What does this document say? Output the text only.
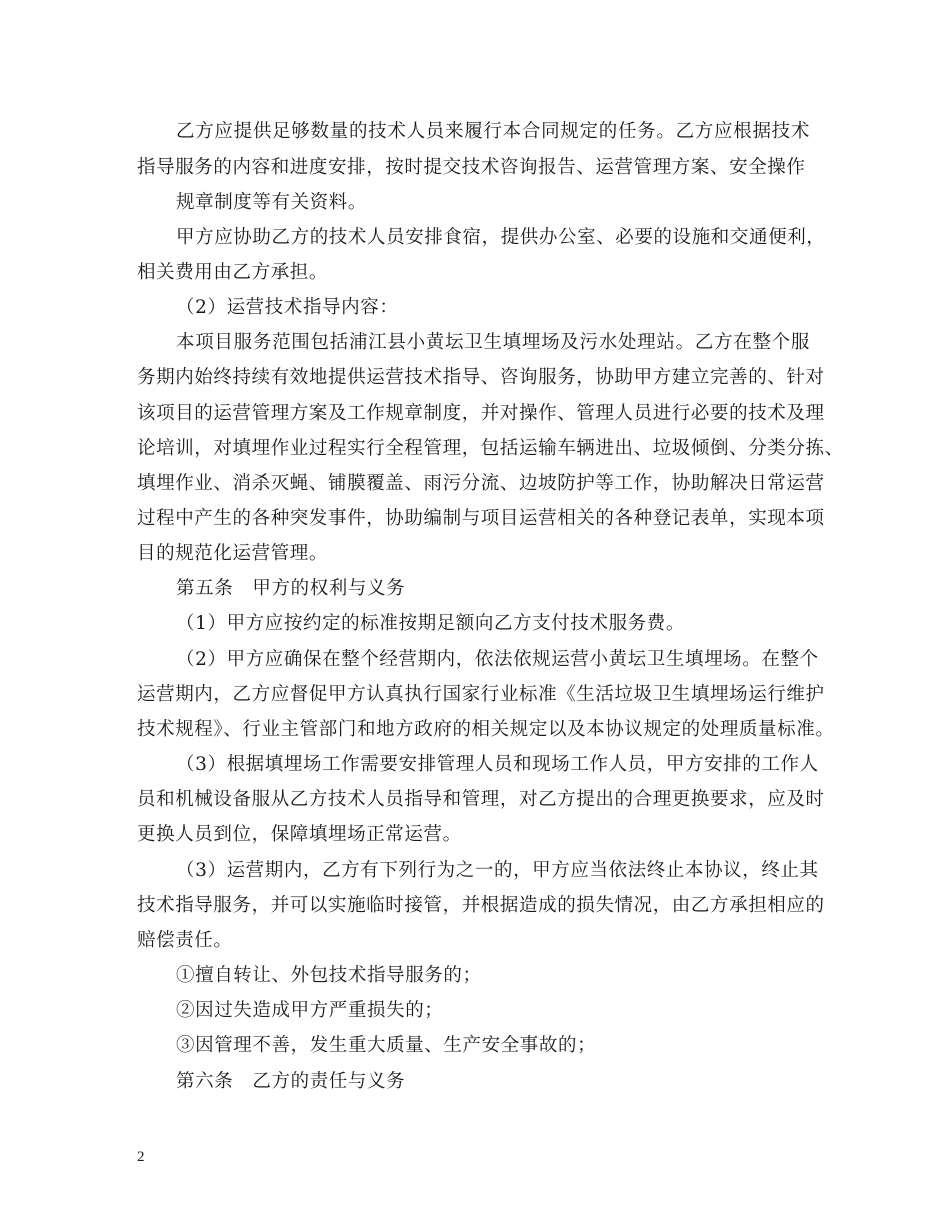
乙方应提供足够数量的技术人员来履行本合同规定的任务。乙方应根据技术
指导服务的内容和进度安排，按时提交技术咨询报告、运营管理方案、安全操作
规章制度等有关资料。
甲方应协助乙方的技术人员安排食宿，提供办公室、必要的设施和交通便利，
相关费用由乙方承担。
（2）运营技术指导内容：
本项目服务范围包括浦江县小黄坛卫生填埋场及污水处理站。乙方在整个服
务期内始终持续有效地提供运营技术指导、咨询服务，协助甲方建立完善的、针对
该项目的运营管理方案及工作规章制度，并对操作、管理人员进行必要的技术及理
论培训，对填埋作业过程实行全程管理，包括运输车辆进出、垃圾倾倒、分类分拣、
填埋作业、消杀灭蝇、铺膜覆盖、雨污分流、边坡防护等工作，协助解决日常运营
过程中产生的各种突发事件，协助编制与项目运营相关的各种登记表单，实现本项
目的规范化运营管理。
第五条　甲方的权利与义务
（1）甲方应按约定的标准按期足额向乙方支付技术服务费。
（2）甲方应确保在整个经营期内，依法依规运营小黄坛卫生填埋场。在整个
运营期内，乙方应督促甲方认真执行国家行业标准《生活垃圾卫生填埋场运行维护
技术规程》、行业主管部门和地方政府的相关规定以及本协议规定的处理质量标准。
（3）根据填埋场工作需要安排管理人员和现场工作人员，甲方安排的工作人
员和机械设备服从乙方技术人员指导和管理，对乙方提出的合理更换要求，应及时
更换人员到位，保障填埋场正常运营。
（3）运营期内，乙方有下列行为之一的，甲方应当依法终止本协议，终止其
技术指导服务，并可以实施临时接管，并根据造成的损失情况，由乙方承担相应的
赔偿责任。
①擅自转让、外包技术指导服务的；
②因过失造成甲方严重损失的；
③因管理不善，发生重大质量、生产安全事故的；
第六条　乙方的责任与义务
2
